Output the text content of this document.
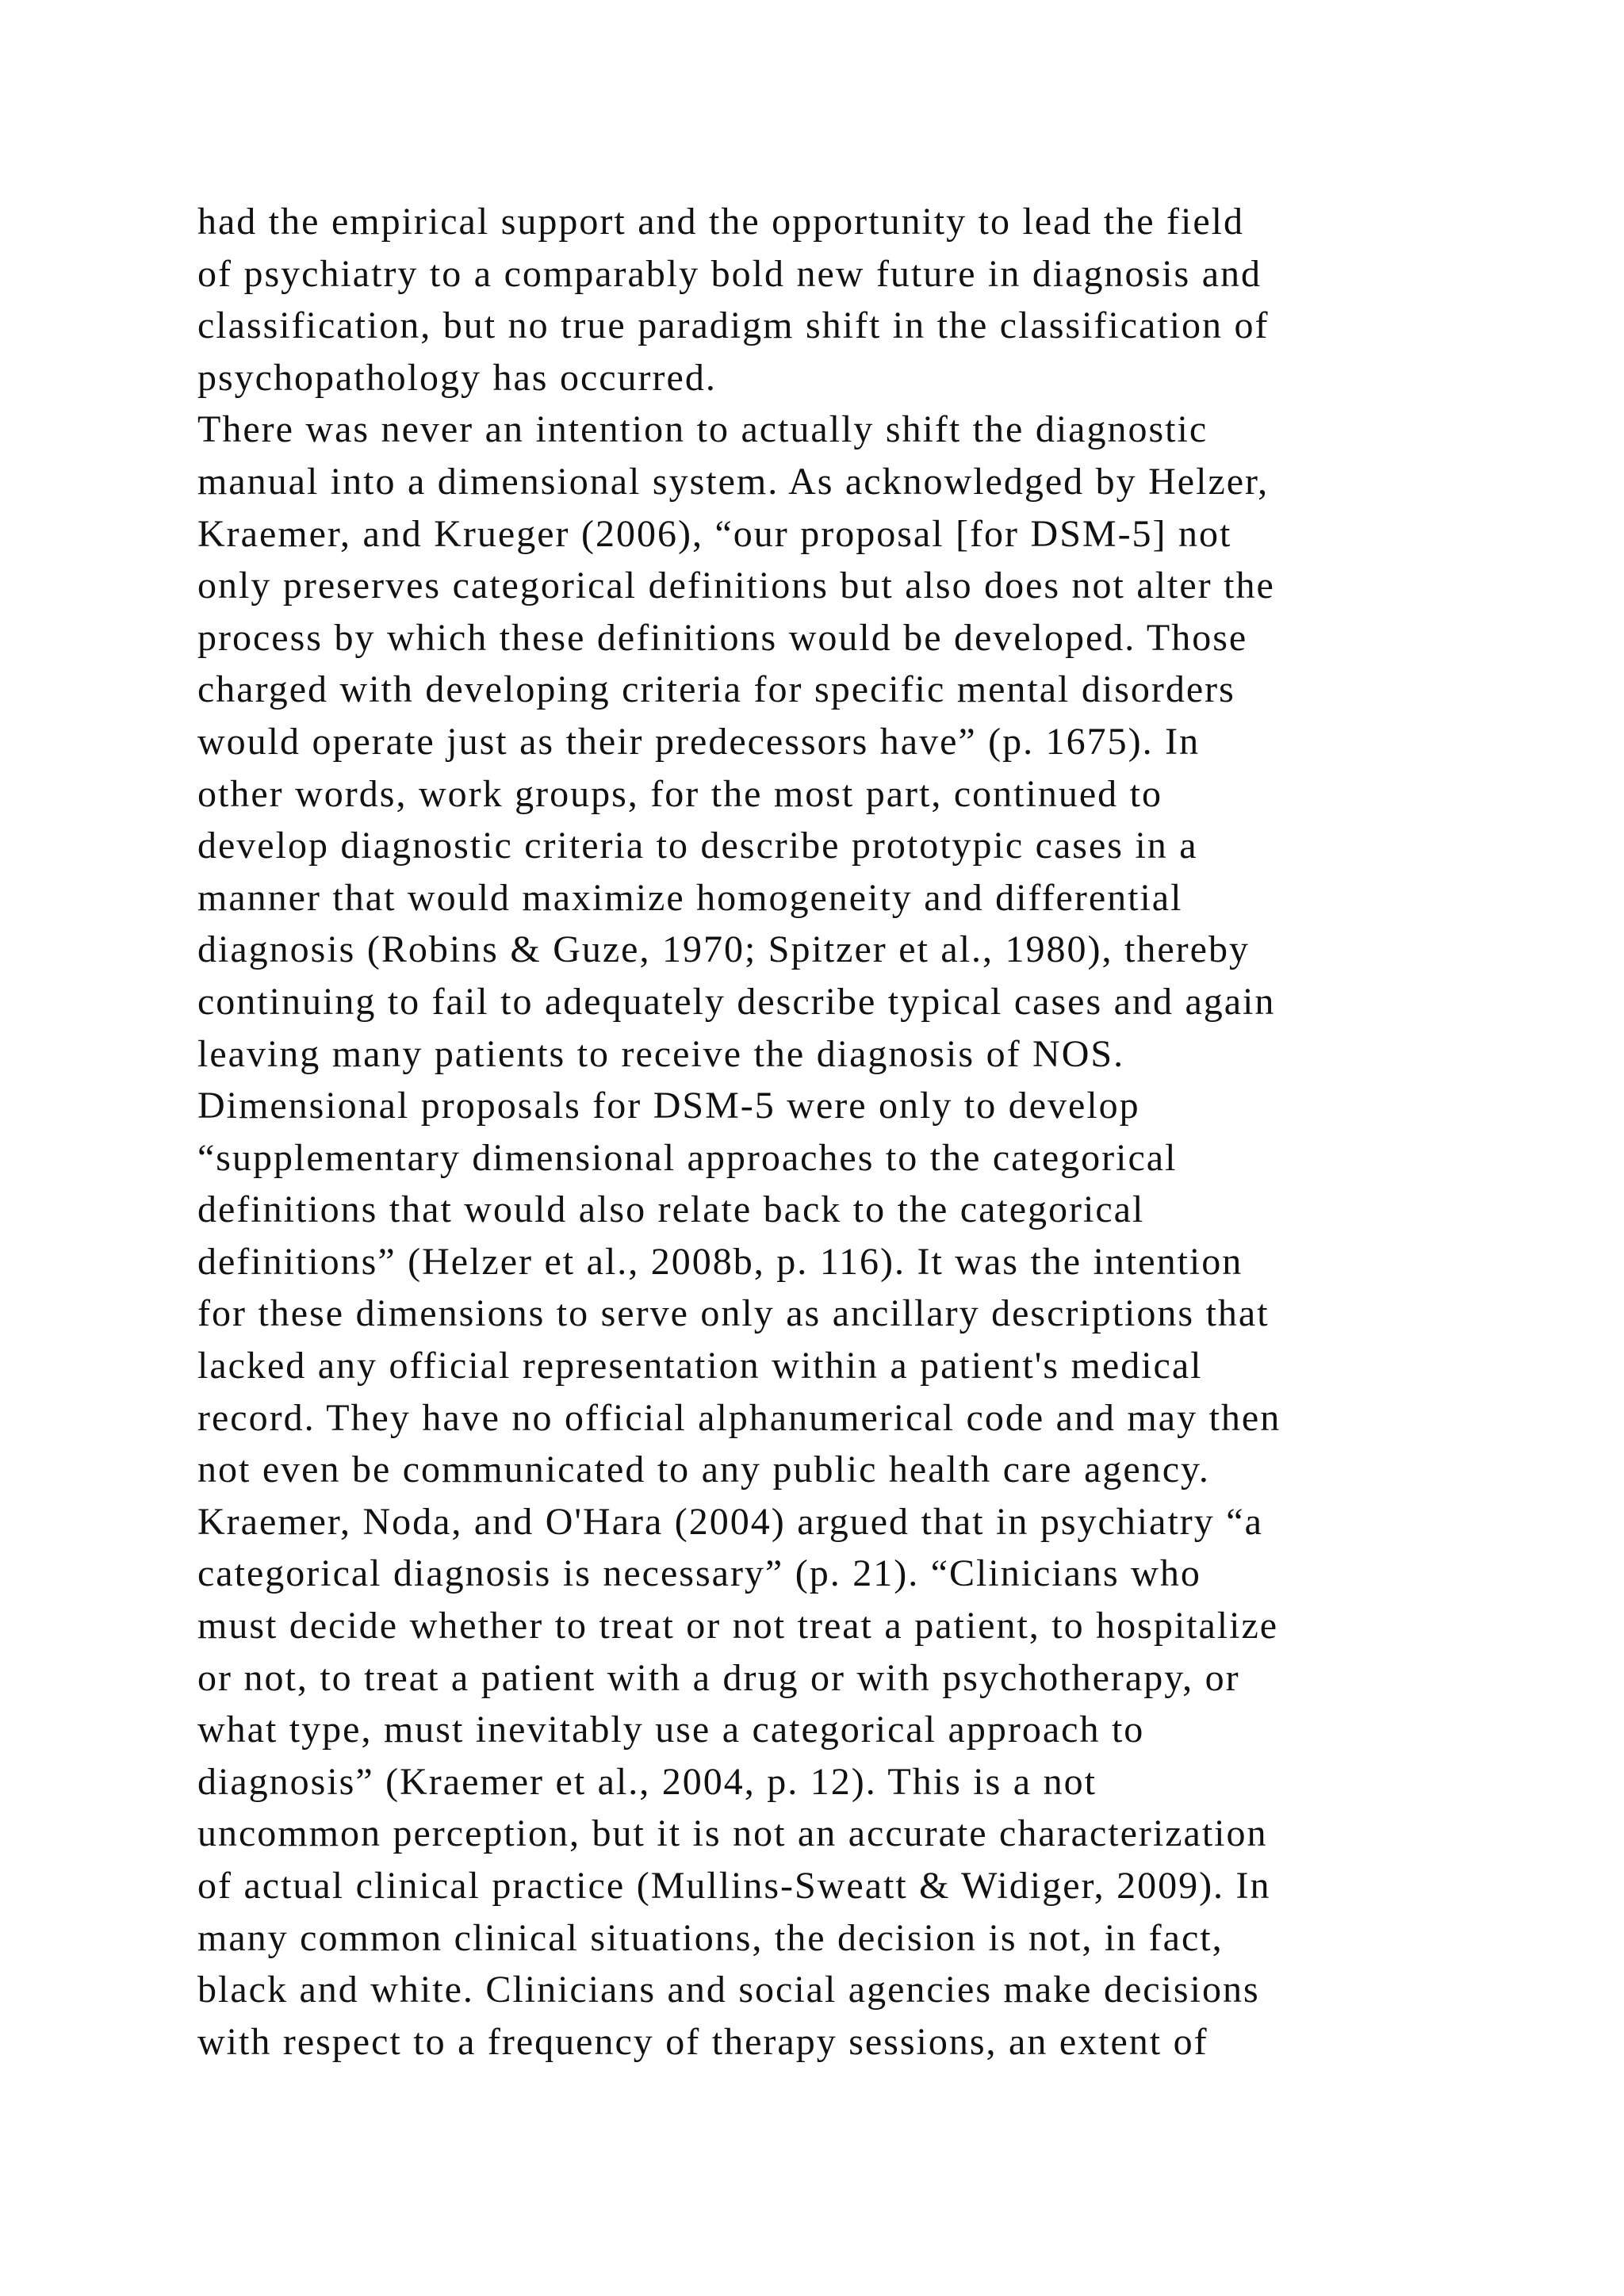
had the empirical support and the opportunity to lead the field
of psychiatry to a comparably bold new future in diagnosis and
classification, but no true paradigm shift in the classification of
psychopathology has occurred.
There was never an intention to actually shift the diagnostic
manual into a dimensional system. As acknowledged by Helzer,
Kraemer, and Krueger (2006), “our proposal [for DSM-5] not
only preserves categorical definitions but also does not alter the
process by which these definitions would be developed. Those
charged with developing criteria for specific mental disorders
would operate just as their predecessors have” (p. 1675). In
other words, work groups, for the most part, continued to
develop diagnostic criteria to describe prototypic cases in a
manner that would maximize homogeneity and differential
diagnosis (Robins & Guze, 1970; Spitzer et al., 1980), thereby
continuing to fail to adequately describe typical cases and again
leaving many patients to receive the diagnosis of NOS.
Dimensional proposals for DSM-5 were only to develop
“supplementary dimensional approaches to the categorical
definitions that would also relate back to the categorical
definitions” (Helzer et al., 2008b, p. 116). It was the intention
for these dimensions to serve only as ancillary descriptions that
lacked any official representation within a patient's medical
record. They have no official alphanumerical code and may then
not even be communicated to any public health care agency.
Kraemer, Noda, and O'Hara (2004) argued that in psychiatry “a
categorical diagnosis is necessary” (p. 21). “Clinicians who
must decide whether to treat or not treat a patient, to hospitalize
or not, to treat a patient with a drug or with psychotherapy, or
what type, must inevitably use a categorical approach to
diagnosis” (Kraemer et al., 2004, p. 12). This is a not
uncommon perception, but it is not an accurate characterization
of actual clinical practice (Mullins-Sweatt & Widiger, 2009). In
many common clinical situations, the decision is not, in fact,
black and white. Clinicians and social agencies make decisions
with respect to a frequency of therapy sessions, an extent of
